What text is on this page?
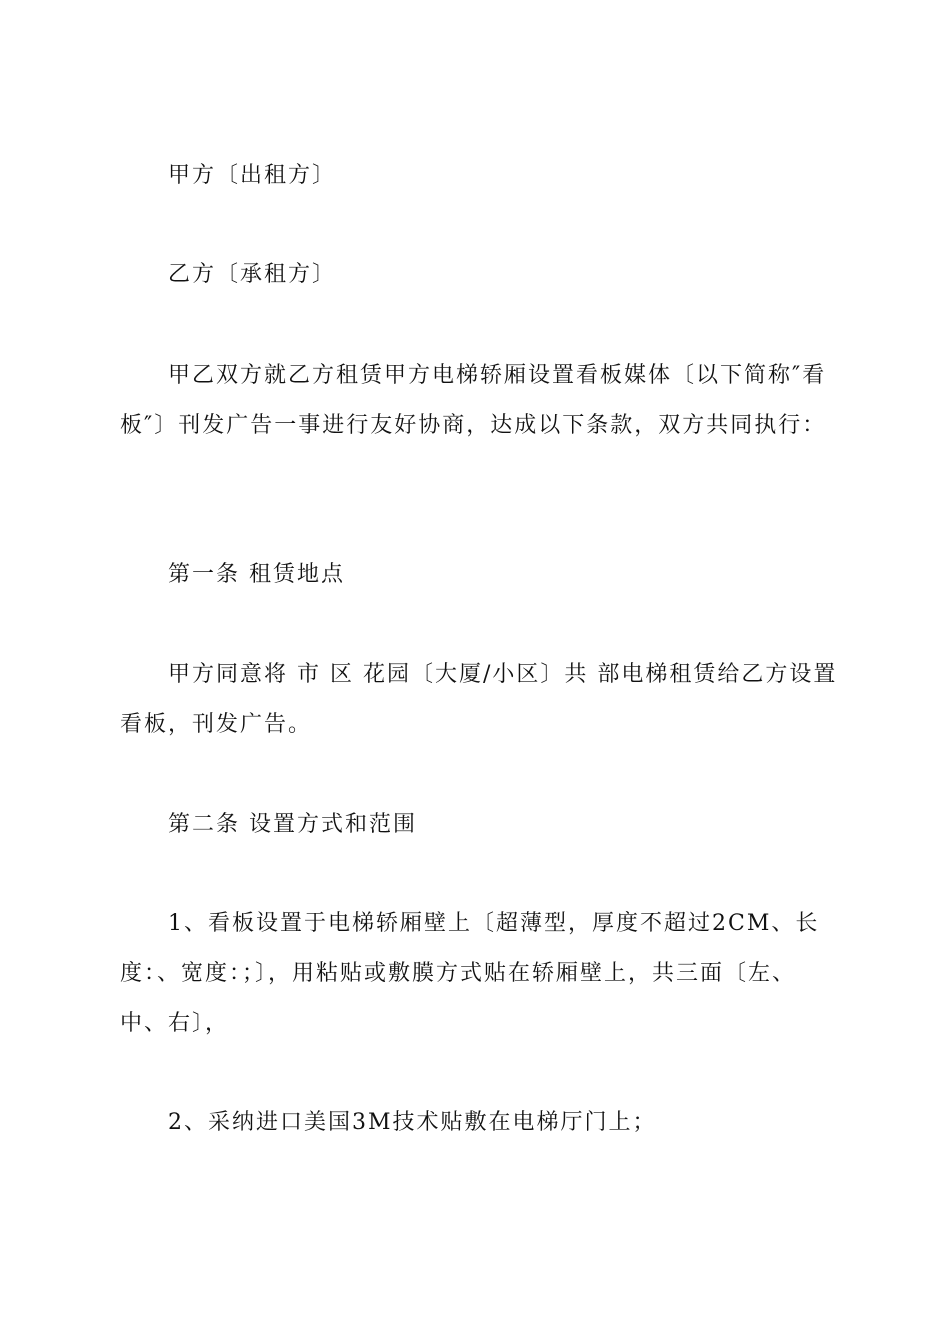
甲方〔出租方〕

乙方〔承租方〕

甲乙双方就乙方租赁甲方电梯轿厢设置看板媒体〔以下简称″看板″〕刊发广告一事进行友好协商，达成以下条款，双方共同执行：

第一条 租赁地点

甲方同意将 市 区 花园〔大厦/小区〕共 部电梯租赁给乙方设置看板，刊发广告。

第二条 设置方式和范围

1、看板设置于电梯轿厢壁上〔超薄型，厚度不超过2CM、长度：、宽度：；〕，用粘贴或敷膜方式贴在轿厢壁上，共三面〔左、中、右〕，

2、采纳进口美国3M技术贴敷在电梯厅门上；
